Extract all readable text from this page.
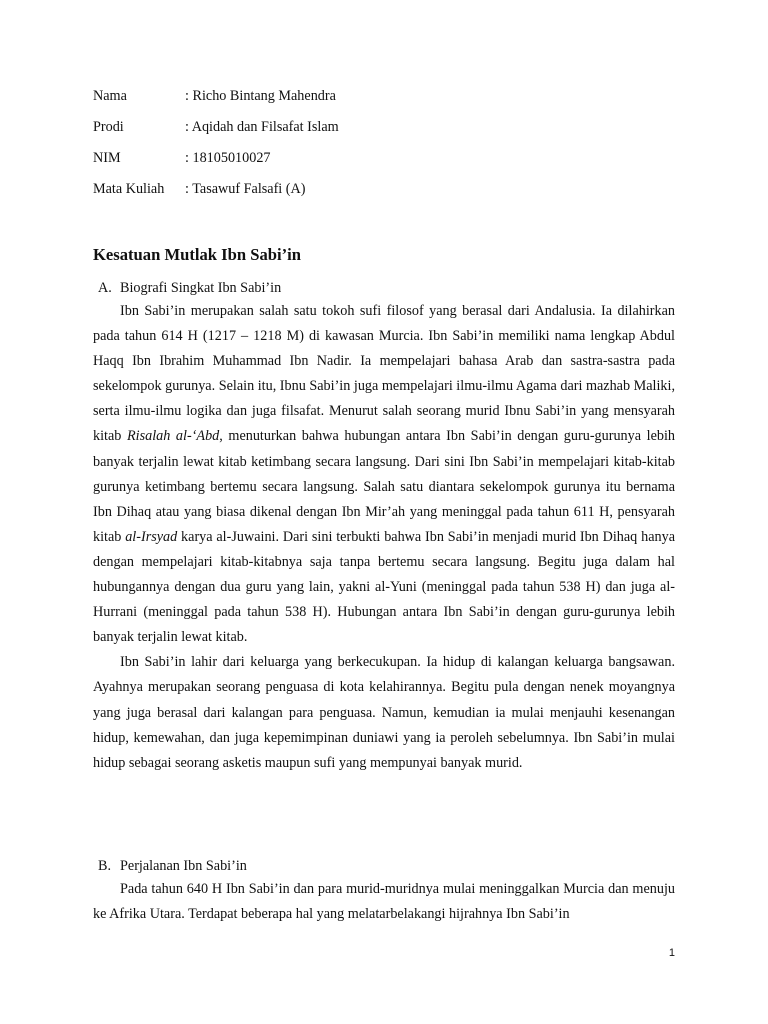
Nama	: Richo Bintang Mahendra
Prodi	: Aqidah dan Filsafat Islam
NIM	: 18105010027
Mata Kuliah	: Tasawuf Falsafi (A)
Kesatuan Mutlak Ibn Sabi’in
A. Biografi Singkat Ibn Sabi’in

Ibn Sabi’in merupakan salah satu tokoh sufi filosof yang berasal dari Andalusia. Ia dilahirkan pada tahun 614 H (1217 – 1218 M) di kawasan Murcia. Ibn Sabi’in memiliki nama lengkap Abdul Haqq Ibn Ibrahim Muhammad Ibn Nadir. Ia mempelajari bahasa Arab dan sastra-sastra pada sekelompok gurunya. Selain itu, Ibnu Sabi’in juga mempelajari ilmu-ilmu Agama dari mazhab Maliki, serta ilmu-ilmu logika dan juga filsafat. Menurut salah seorang murid Ibnu Sabi’in yang mensyarah kitab Risalah al-‘Abd, menuturkan bahwa hubungan antara Ibn Sabi’in dengan guru-gurunya lebih banyak terjalin lewat kitab ketimbang secara langsung. Dari sini Ibn Sabi’in mempelajari kitab-kitab gurunya ketimbang bertemu secara langsung. Salah satu diantara sekelompok gurunya itu bernama Ibn Dihaq atau yang biasa dikenal dengan Ibn Mir’ah yang meninggal pada tahun 611 H, pensyarah kitab al-Irsyad karya al-Juwaini. Dari sini terbukti bahwa Ibn Sabi’in menjadi murid Ibn Dihaq hanya dengan mempelajari kitab-kitabnya saja tanpa bertemu secara langsung. Begitu juga dalam hal hubungannya dengan dua guru yang lain, yakni al-Yuni (meninggal pada tahun 538 H) dan juga al-Hurrani (meninggal pada tahun 538 H). Hubungan antara Ibn Sabi’in dengan guru-gurunya lebih banyak terjalin lewat kitab.

Ibn Sabi’in lahir dari keluarga yang berkecukupan. Ia hidup di kalangan keluarga bangsawan. Ayahnya merupakan seorang penguasa di kota kelahirannya. Begitu pula dengan nenek moyangnya yang juga berasal dari kalangan para penguasa. Namun, kemudian ia mulai menjauhi kesenangan hidup, kemewahan, dan juga kepemimpinan duniawi yang ia peroleh sebelumnya. Ibn Sabi’in mulai hidup sebagai seorang asketis maupun sufi yang mempunyai banyak murid.

B. Perjalanan Ibn Sabi’in

Pada tahun 640 H Ibn Sabi’in dan para murid-muridnya mulai meninggalkan Murcia dan menuju ke Afrika Utara. Terdapat beberapa hal yang melatarbelakangi hijrahnya Ibn Sabi’in

1
